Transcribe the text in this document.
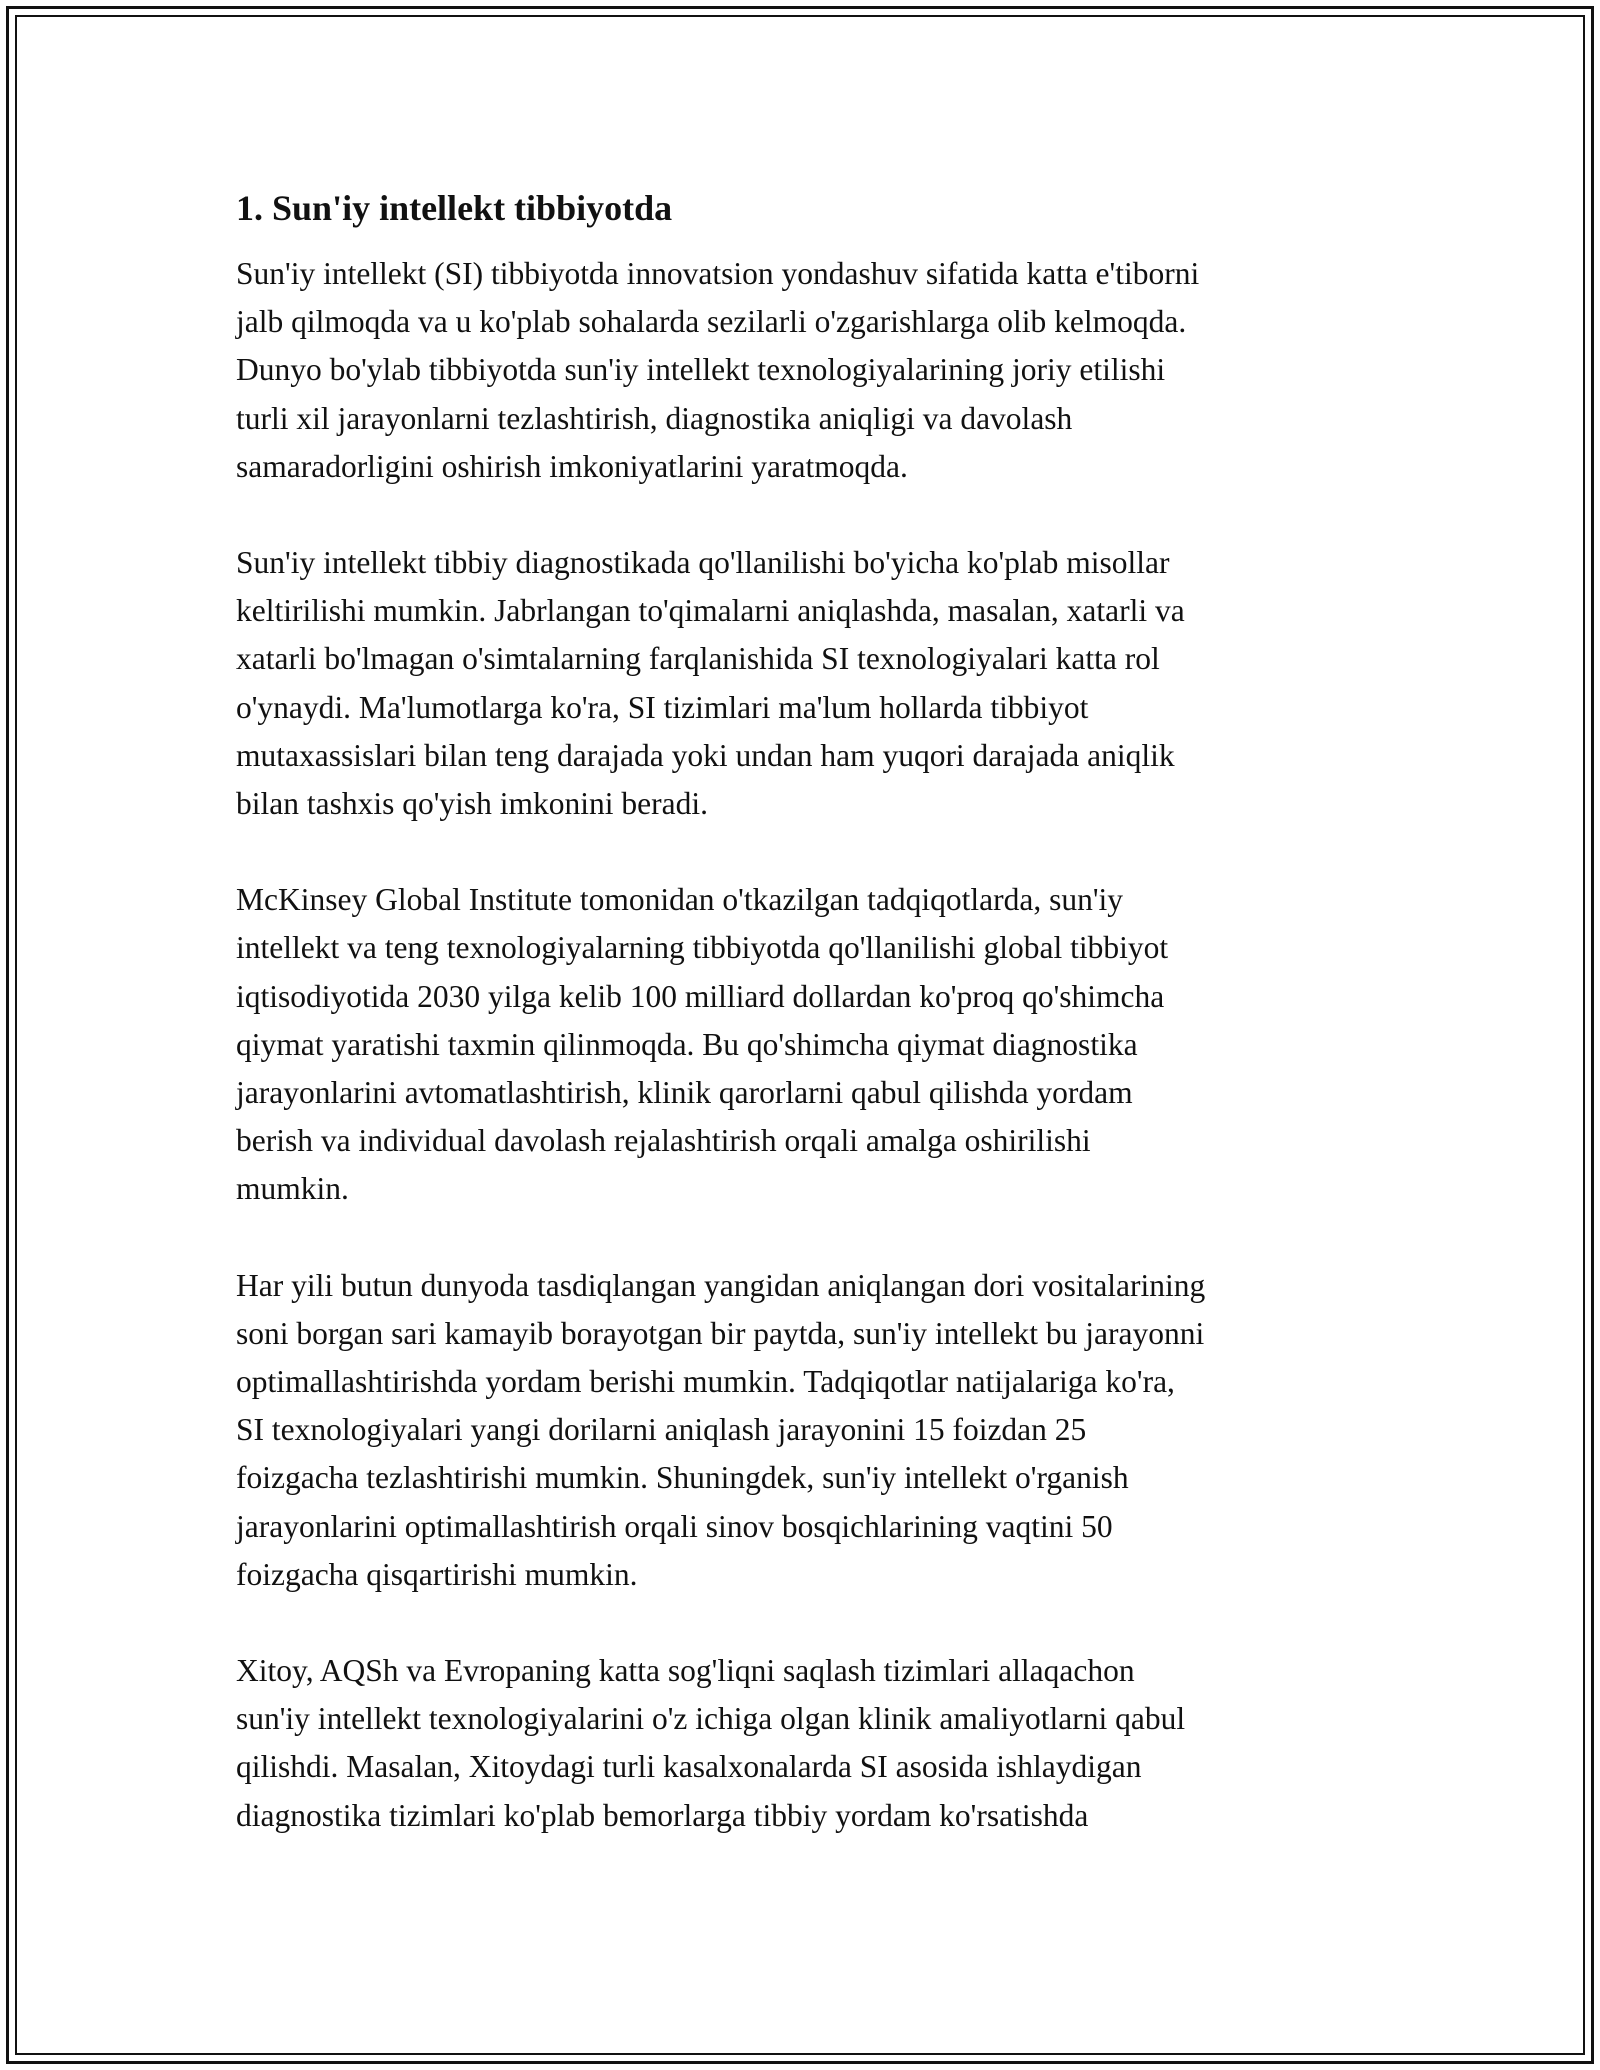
1. Sun'iy intellekt tibbiyotda
Sun'iy intellekt (SI) tibbiyotda innovatsion yondashuv sifatida katta e'tiborni
jalb qilmoqda va u ko'plab sohalarda sezilarli o'zgarishlarga olib kelmoqda.
Dunyo bo'ylab tibbiyotda sun'iy intellekt texnologiyalarining joriy etilishi
turli xil jarayonlarni tezlashtirish, diagnostika aniqligi va davolash
samaradorligini oshirish imkoniyatlarini yaratmoqda.
Sun'iy intellekt tibbiy diagnostikada qo'llanilishi bo'yicha ko'plab misollar
keltirilishi mumkin. Jabrlangan to'qimalarni aniqlashda, masalan, xatarli va
xatarli bo'lmagan o'simtalarning farqlanishida SI texnologiyalari katta rol
o'ynaydi. Ma'lumotlarga ko'ra, SI tizimlari ma'lum hollarda tibbiyot
mutaxassislari bilan teng darajada yoki undan ham yuqori darajada aniqlik
bilan tashxis qo'yish imkonini beradi.
McKinsey Global Institute tomonidan o'tkazilgan tadqiqotlarda, sun'iy
intellekt va teng texnologiyalarning tibbiyotda qo'llanilishi global tibbiyot
iqtisodiyotida 2030 yilga kelib 100 milliard dollardan ko'proq qo'shimcha
qiymat yaratishi taxmin qilinmoqda. Bu qo'shimcha qiymat diagnostika
jarayonlarini avtomatlashtirish, klinik qarorlarni qabul qilishda yordam
berish va individual davolash rejalashtirish orqali amalga oshirilishi
mumkin.
Har yili butun dunyoda tasdiqlangan yangidan aniqlangan dori vositalarining
soni borgan sari kamayib borayotgan bir paytda, sun'iy intellekt bu jarayonni
optimallashtirishda yordam berishi mumkin. Tadqiqotlar natijalariga ko'ra,
SI texnologiyalari yangi dorilarni aniqlash jarayonini 15 foizdan 25
foizgacha tezlashtirishi mumkin. Shuningdek, sun'iy intellekt o'rganish
jarayonlarini optimallashtirish orqali sinov bosqichlarining vaqtini 50
foizgacha qisqartirishi mumkin.
Xitoy, AQSh va Evropaning katta sog'liqni saqlash tizimlari allaqachon
sun'iy intellekt texnologiyalarini o'z ichiga olgan klinik amaliyotlarni qabul
qilishdi. Masalan, Xitoydagi turli kasalxonalarda SI asosida ishlaydigan
diagnostika tizimlari ko'plab bemorlarga tibbiy yordam ko'rsatishda
